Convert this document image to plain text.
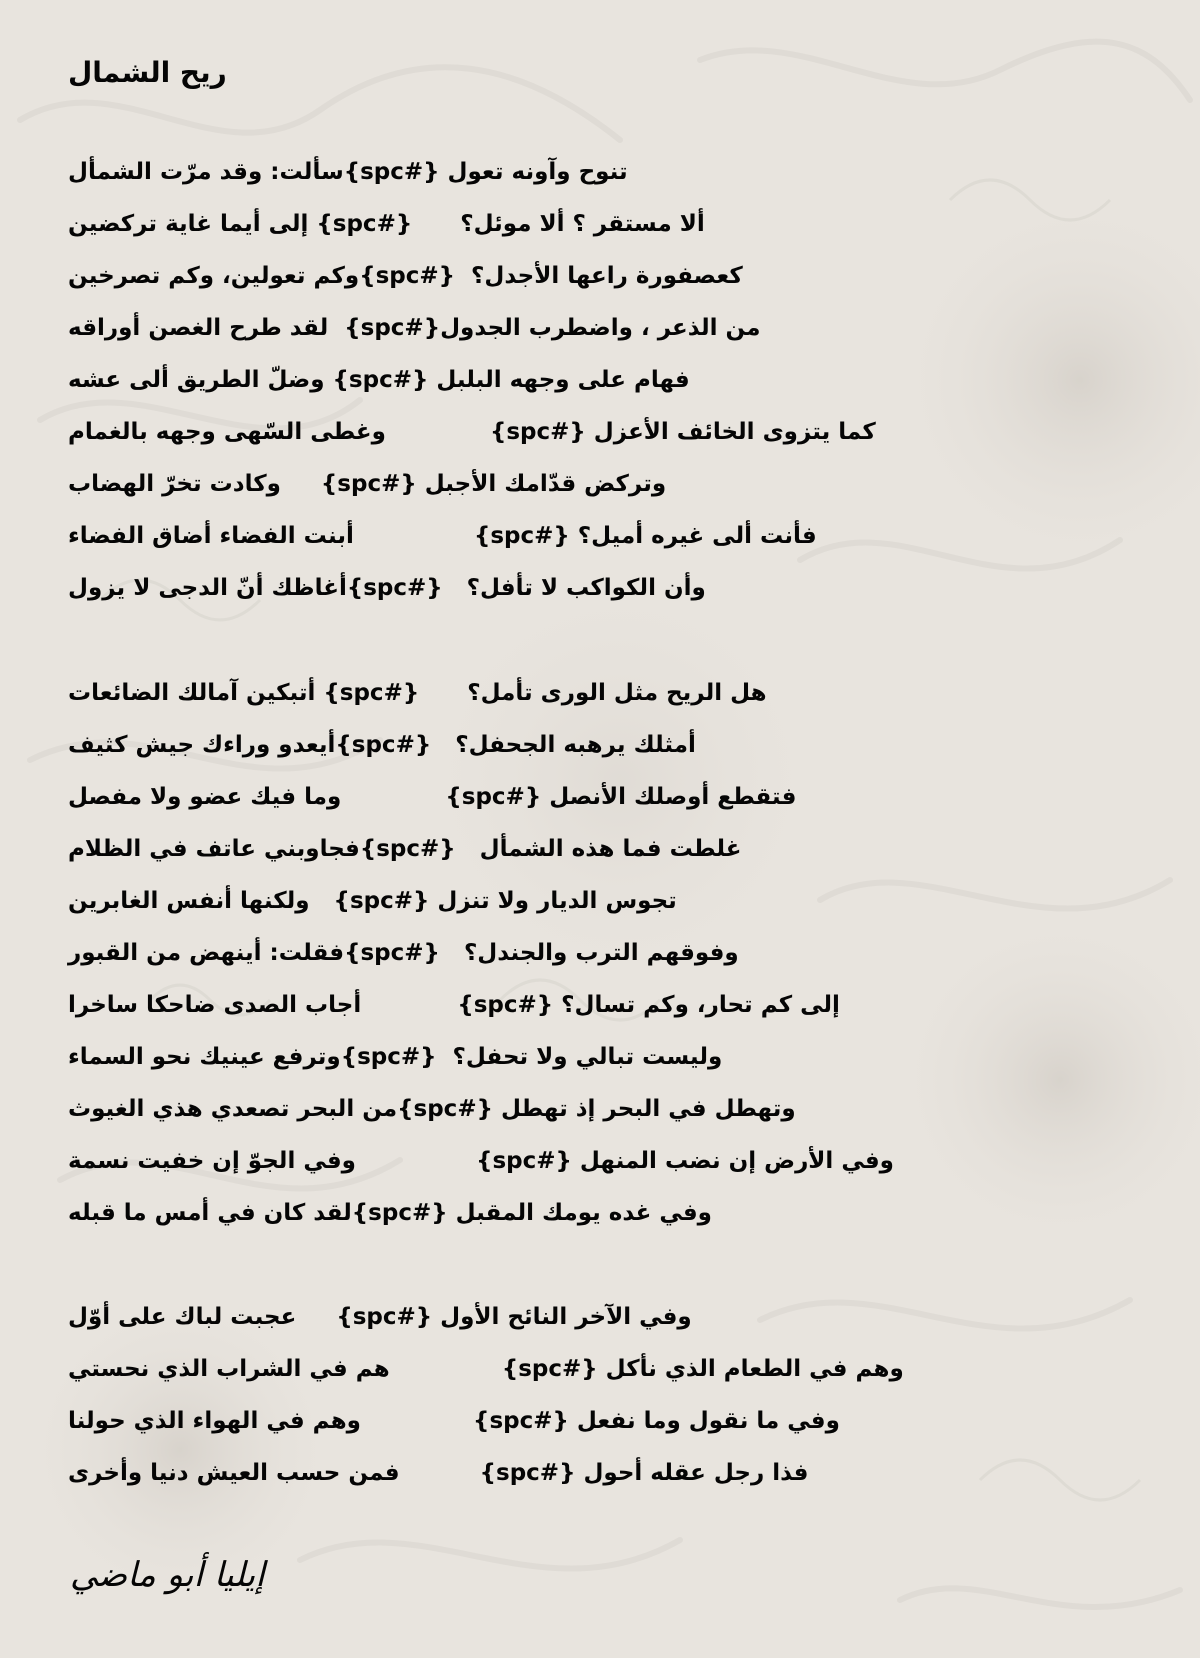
ريح الشمال
تنوح وآونه تعول {#spc}سألت: وقد مرّت الشمأل
ألا مستقر ؟ ألا موئل؟      {#spc} إلى أيما غاية تركضين
كعصفورة راعها الأجدل؟  {#spc}وكم تعولين، وكم تصرخين
من الذعر ، واضطرب الجدول{#spc}  لقد طرح الغصن أوراقه
فهام على وجهه البلبل {#spc} وضلّ الطريق ألى عشه
كما يتزوى الخائف الأعزل {#spc}             وغطى السّهى وجهه بالغمام
وتركض قدّامك الأجبل {#spc}     وكادت تخرّ الهضاب
فأنت ألى غيره أميل؟ {#spc}               أبنت الفضاء أضاق الفضاء
وأن الكواكب لا تأفل؟   {#spc}أغاظك أنّ الدجى لا يزول
هل الريح مثل الورى تأمل؟      {#spc} أتبكين آمالك الضائعات
أمثلك يرهبه الجحفل؟   {#spc}أيعدو وراءك جيش كثيف
فتقطع أوصلك الأنصل {#spc}             وما فيك عضو ولا مفصل
غلطت فما هذه الشمأل   {#spc}فجاوبني عاتف في الظلام
تجوس الديار ولا تنزل {#spc}   ولكنها أنفس الغابرين
وفوقهم الترب والجندل؟   {#spc}فقلت: أينهض من القبور
إلى كم تحار، وكم تسال؟ {#spc}            أجاب الصدى ضاحكا ساخرا
وليست تبالي ولا تحفل؟  {#spc}وترفع عينيك نحو السماء
وتهطل في البحر إذ تهطل {#spc}من البحر تصعدي هذي الغيوث
وفي الأرض إن نضب المنهل {#spc}               وفي الجوّ إن خفيت نسمة
وفي غده يومك المقبل {#spc}لقد كان في أمس ما قبله
وفي الآخر النائح الأول {#spc}     عجبت لباك على أوّل
وهم في الطعام الذي نأكل {#spc}              هم في الشراب الذي نحستي
وفي ما نقول وما نفعل {#spc}              وهم في الهواء الذي حولنا
فذا رجل عقله أحول {#spc}          فمن حسب العيش دنيا وأخرى
إيليا أبو ماضي
